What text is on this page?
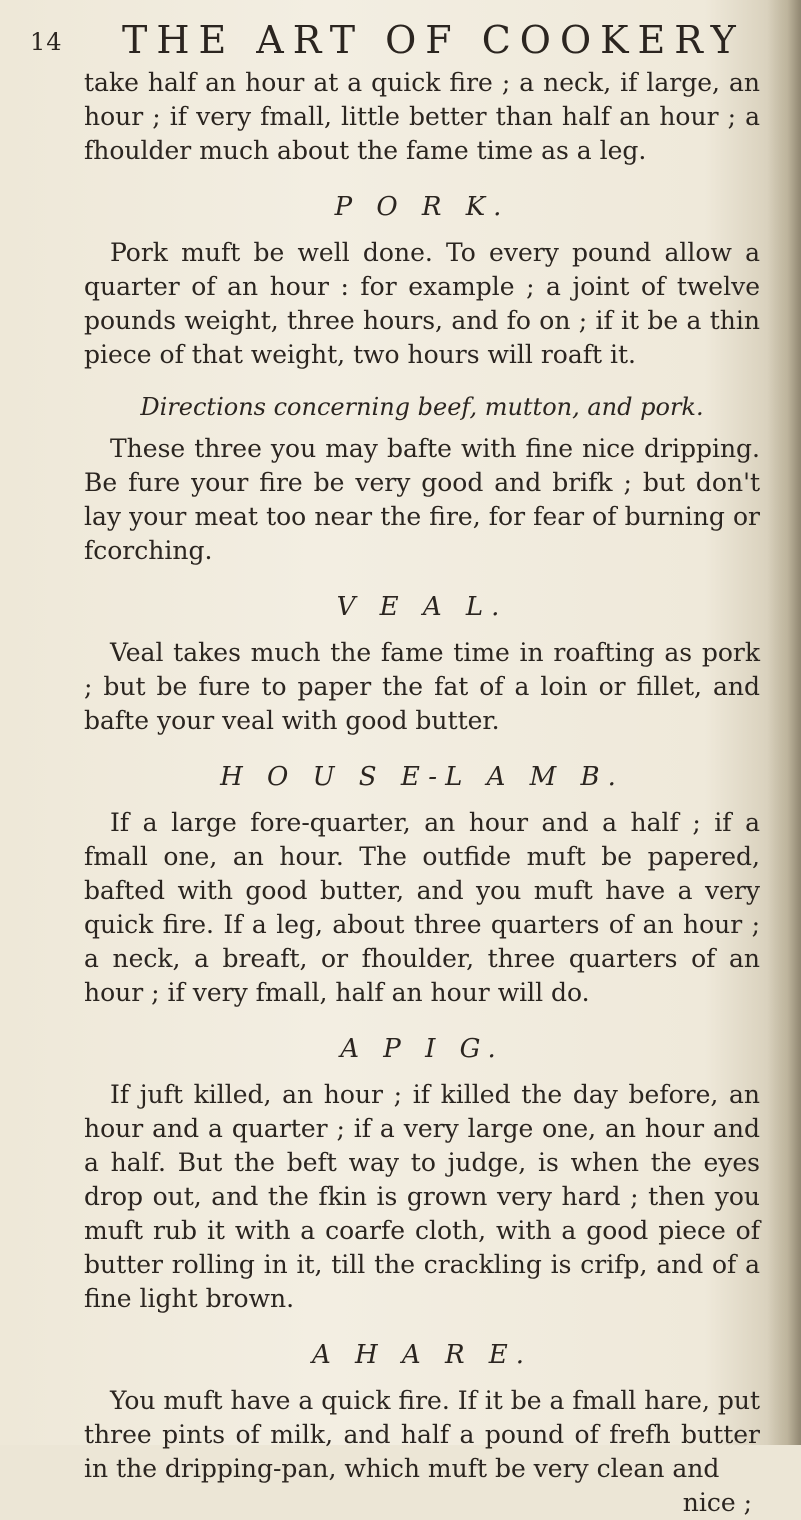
14 THE ART OF COOKERY

take half an hour at a quick fire ; a neck, if large, an hour ; if very fmall, little better than half an hour ; a fhoulder much about the fame time as a leg.

P O R K.

Pork muft be well done. To every pound allow a quarter of an hour : for example ; a joint of twelve pounds weight, three hours, and fo on ; if it be a thin piece of that weight, two hours will roaft it.

Directions concerning beef, mutton, and pork.

These three you may bafte with fine nice dripping. Be fure your fire be very good and brifk ; but don't lay your meat too near the fire, for fear of burning or fcorching.

V E A L.

Veal takes much the fame time in roafting as pork ; but be fure to paper the fat of a loin or fillet, and bafte your veal with good butter.

H O U S E-L A M B.

If a large fore-quarter, an hour and a half ; if a fmall one, an hour. The outfide muft be papered, bafted with good butter, and you muft have a very quick fire. If a leg, about three quarters of an hour ; a neck, a breaft, or fhoulder, three quarters of an hour ; if very fmall, half an hour will do.

A P I G.

If juft killed, an hour ; if killed the day before, an hour and a quarter ; if a very large one, an hour and a half. But the beft way to judge, is when the eyes drop out, and the fkin is grown very hard ; then you muft rub it with a coarfe cloth, with a good piece of butter rolling in it, till the crackling is crifp, and of a fine light brown.

A H A R E.

You muft have a quick fire. If it be a fmall hare, put three pints of milk, and half a pound of frefh butter in the dripping-pan, which muft be very clean and

nice ;
